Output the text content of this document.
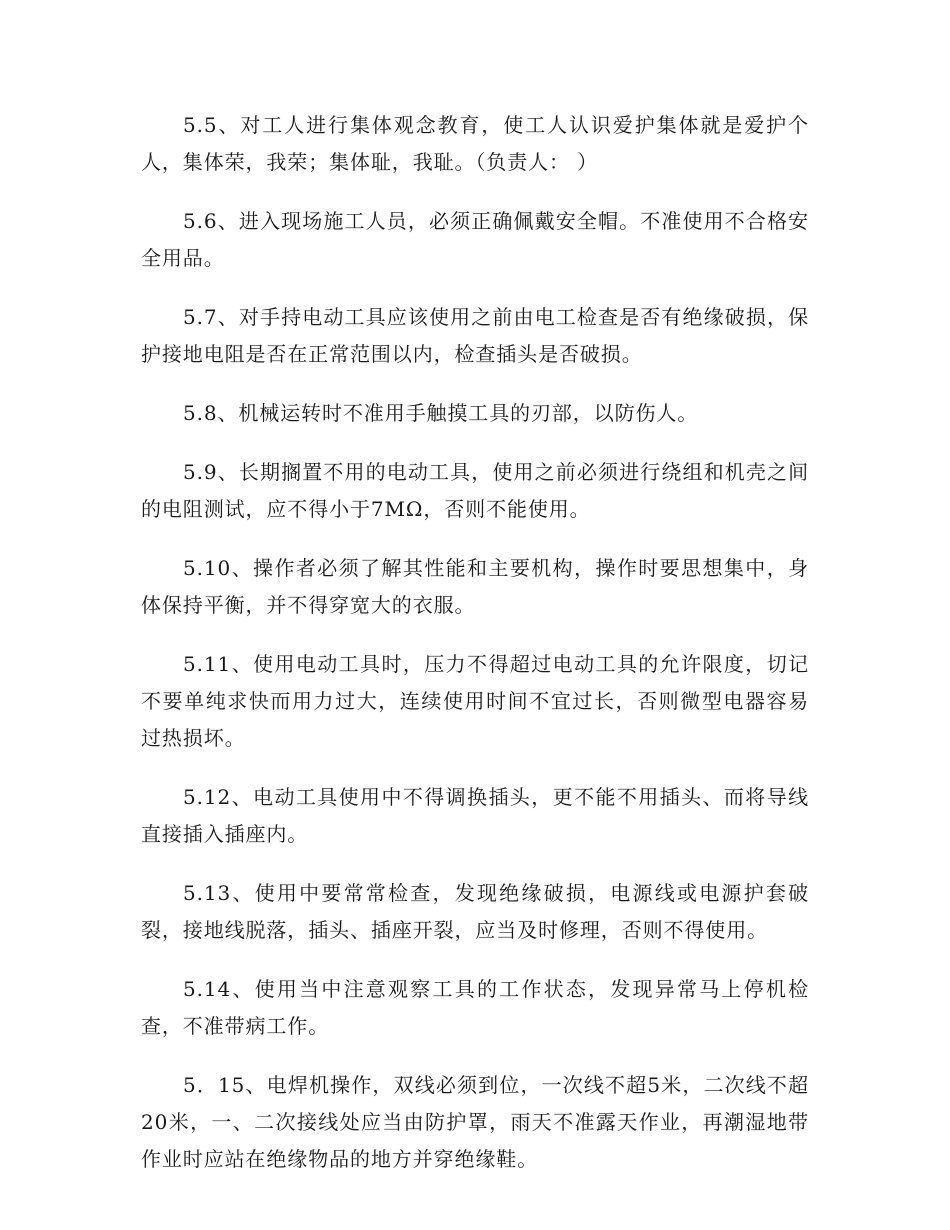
5.5、对工人进行集体观念教育，使工人认识爱护集体就是爱护个人，集体荣，我荣；集体耻，我耻。（负责人： ）

5.6、进入现场施工人员，必须正确佩戴安全帽。不准使用不合格安全用品。

5.7、对手持电动工具应该使用之前由电工检查是否有绝缘破损，保护接地电阻是否在正常范围以内，检查插头是否破损。

5.8、机械运转时不准用手触摸工具的刃部，以防伤人。

5.9、长期搁置不用的电动工具，使用之前必须进行绕组和机壳之间的电阻测试，应不得小于7MΩ，否则不能使用。

5.10、操作者必须了解其性能和主要机构，操作时要思想集中，身体保持平衡，并不得穿宽大的衣服。

5.11、使用电动工具时，压力不得超过电动工具的允许限度，切记不要单纯求快而用力过大，连续使用时间不宜过长，否则微型电器容易过热损坏。

5.12、电动工具使用中不得调换插头，更不能不用插头、而将导线直接插入插座内。

5.13、使用中要常常检查，发现绝缘破损，电源线或电源护套破裂，接地线脱落，插头、插座开裂，应当及时修理，否则不得使用。

5.14、使用当中注意观察工具的工作状态，发现异常马上停机检查，不准带病工作。

5．15、电焊机操作，双线必须到位，一次线不超5米，二次线不超20米，一、二次接线处应当由防护罩，雨天不准露天作业，再潮湿地带作业时应站在绝缘物品的地方并穿绝缘鞋。
